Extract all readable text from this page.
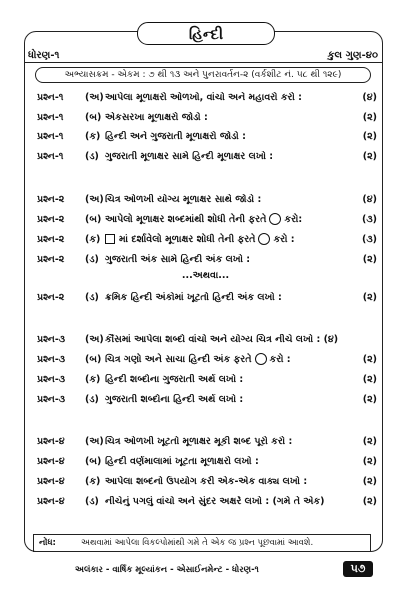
હિન્દી
ધોરણ-૧	કુલ ગુણ-૪૦
અભ્યાસક્રમ - એકમ : ૭ થી ૧૩ અને પુનરાવર્તન-૨ (વર્કશીટ નં. ૫૮ થી ૧૨૯)
પ્રશ્ન-૧	(અ) આપેલા મૂળાક્ષરો ઓળખો, વાંચો અને મહાવરો કરો :	(૪)
પ્રશ્ન-૧	(બ) એકસરખા મૂળાક્ષરો જોડો :	(૨)
પ્રશ્ન-૧	(ક) હિન્દી અને ગુજરાતી મૂળાક્ષરો જોડો :	(૨)
પ્રશ્ન-૧	(ડ) ગુજરાતી મૂળાક્ષર સામે હિન્દી મૂળાક્ષર લખો :	(૨)
પ્રશ્ન-૨	(અ) ચિત્ર ઓળખી યોગ્ય મૂળાક્ષર સાથે જોડો :	(૪)
પ્રશ્ન-૨	(બ) આપેલો મૂળાક્ષર શબ્દમાંથી શોધી તેની ફરતે કરો:	(૩)
પ્રશ્ન-૨	(ક)	માં દર્શાવેલો મૂળાક્ષર શોધી તેની ફરતે કરો :	(૩)
પ્રશ્ન-૨	(ડ) ગુજરાતી અંક સામે હિન્દી અંક લખો :	(૨)
...અથવા...
પ્રશ્ન-૨	(ડ) ક્રમિક હિન્દી અંકોમાં ખૂટતો હિન્દી અંક લખો :	(૨)
પ્રશ્ન-૩	(અ) કૌંસમાં આપેલા શબ્દો વાંચો અને યોગ્ય ચિત્ર નીચે લખો : (૪)
પ્રશ્ન-૩	(બ) ચિત્ર ગણો અને સાચા હિન્દી અંક ફરતે કરો :	(૨)
પ્રશ્ન-૩	(ક) હિન્દી શબ્દોના ગુજરાતી અર્થ લખો :	(૨)
પ્રશ્ન-૩	(ડ) ગુજરાતી શબ્દોના હિન્દી અર્થ લખો :	(૨)
પ્રશ્ન-૪	(અ) ચિત્ર ઓળખી ખૂટતો મૂળાક્ષર મૂકી શબ્દ પૂરો કરો :	(૨)
પ્રશ્ન-૪	(બ) હિન્દી વર્ણમાલામાં ખૂટતા મૂળાક્ષરો લખો :	(૨)
પ્રશ્ન-૪	(ક) આપેલા શબ્દનો ઉપયોગ કરી એક-એક વાક્ય લખો :	(૨)
પ્રશ્ન-૪	(ડ) નીચેનું પગલું વાંચો અને સુંદર અક્ષરે લખો : (ગમે તે એક)	(૨)
નોંધ:	અથવામાં આપેલા વિકલ્પોમાંથી ગમે તે એક જ પ્રશ્ન પૂછવામાં આવશે.
અલંકાર - વાર્ષિક મૂલ્યાંકન - એસાઈનમેન્ટ - ધોરણ-૧	૫૭
